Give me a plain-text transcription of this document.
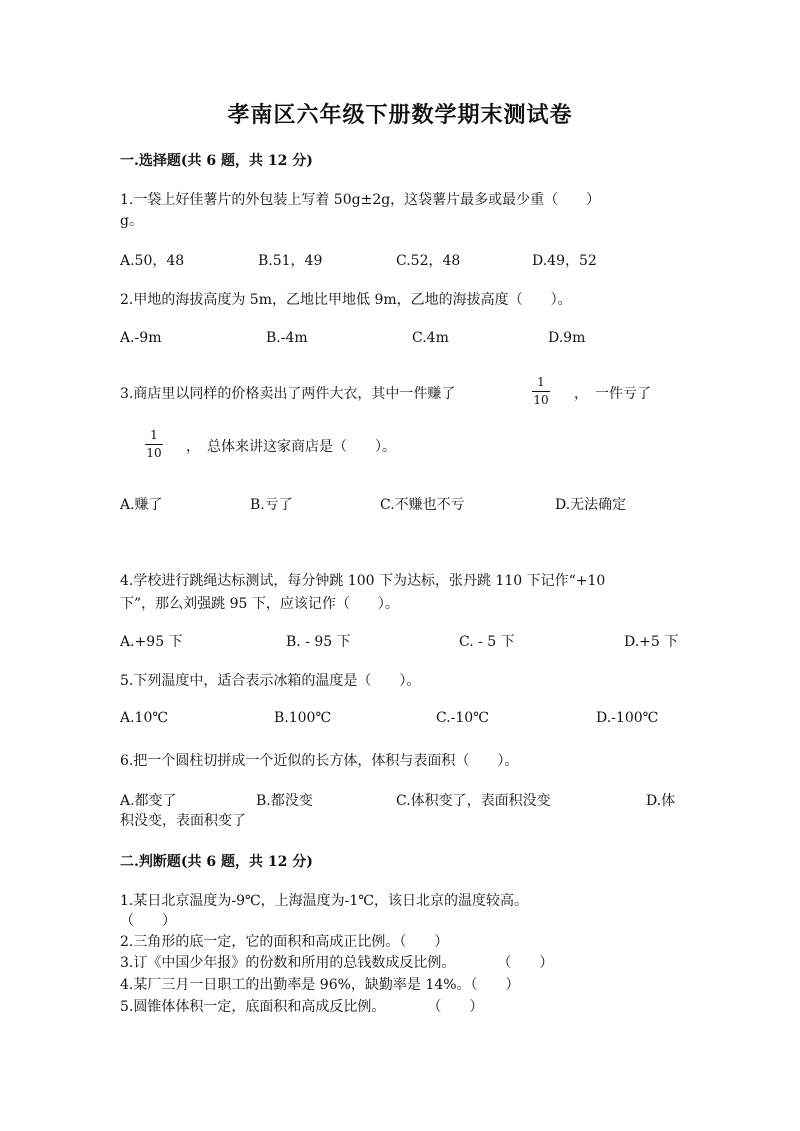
孝南区六年级下册数学期末测试卷
一.选择题(共 6 题，共 12 分)
1.一袋上好佳薯片的外包装上写着 50g±2g，这袋薯片最多或最少重（　　）
g。
A.50，48	B.51，49	C.52，48	D.49，52
2.甲地的海拔高度为 5m，乙地比甲地低 9m，乙地的海拔高度（　　）。
A.-9m	B.-4m	C.4m	D.9m
3.商店里以同样的价格卖出了两件大衣，其中一件赚了
1
10 ，　一件亏了
1
10 ，　总体来讲这家商店是（　　）。
A.赚了	B.亏了	C.不赚也不亏	D.无法确定
4.学校进行跳绳达标测试，每分钟跳 100 下为达标，张丹跳 110 下记作“+10
下”，那么刘强跳 95 下，应该记作（　　）。
A.+95 下	B. - 95 下	C. - 5 下	D.+5 下
5.下列温度中，适合表示冰箱的温度是（　　）。
A.10℃	B.100℃	C.-10℃	D.-100℃
6.把一个圆柱切拼成一个近似的长方体，体积与表面积（　　）。
A.都变了	B.都没变	C.体积变了，表面积没变	D.体
积没变，表面积变了
二.判断题(共 6 题，共 12 分)
1.某日北京温度为-9℃，上海温度为-1℃，该日北京的温度较高。
（　　）
2.三角形的底一定，它的面积和高成正比例。（　　）
3.订《中国少年报》的份数和所用的总钱数成反比例。　　　　（　　）
4.某厂三月一日职工的出勤率是 96%，缺勤率是 14%。（　　）
5.圆锥体体积一定，底面积和高成反比例。　　　　（　　）
